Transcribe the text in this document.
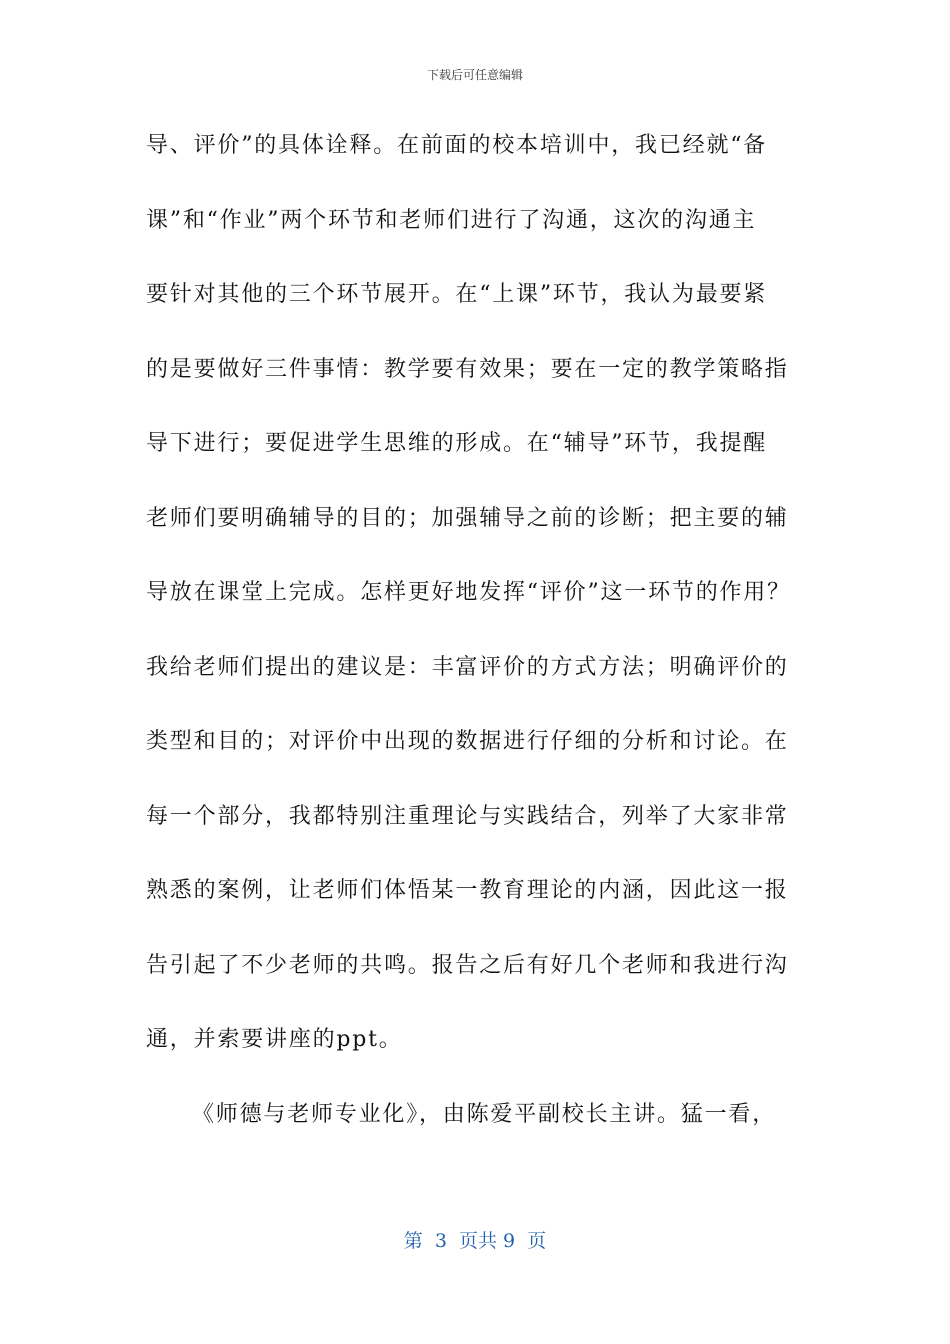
下载后可任意编辑
导、评价”的具体诠释。在前面的校本培训中，我已经就“备
课”和“作业”两个环节和老师们进行了沟通，这次的沟通主
要针对其他的三个环节展开。在“上课”环节，我认为最要紧
的是要做好三件事情：教学要有效果；要在一定的教学策略指
导下进行；要促进学生思维的形成。在“辅导”环节，我提醒
老师们要明确辅导的目的；加强辅导之前的诊断；把主要的辅
导放在课堂上完成。怎样更好地发挥“评价”这一环节的作用？
我给老师们提出的建议是：丰富评价的方式方法；明确评价的
类型和目的；对评价中出现的数据进行仔细的分析和讨论。在
每一个部分，我都特别注重理论与实践结合，列举了大家非常
熟悉的案例，让老师们体悟某一教育理论的内涵，因此这一报
告引起了不少老师的共鸣。报告之后有好几个老师和我进行沟
通，并索要讲座的ppt。
《师德与老师专业化》，由陈爱平副校长主讲。猛一看，
第  3  页共 9  页
